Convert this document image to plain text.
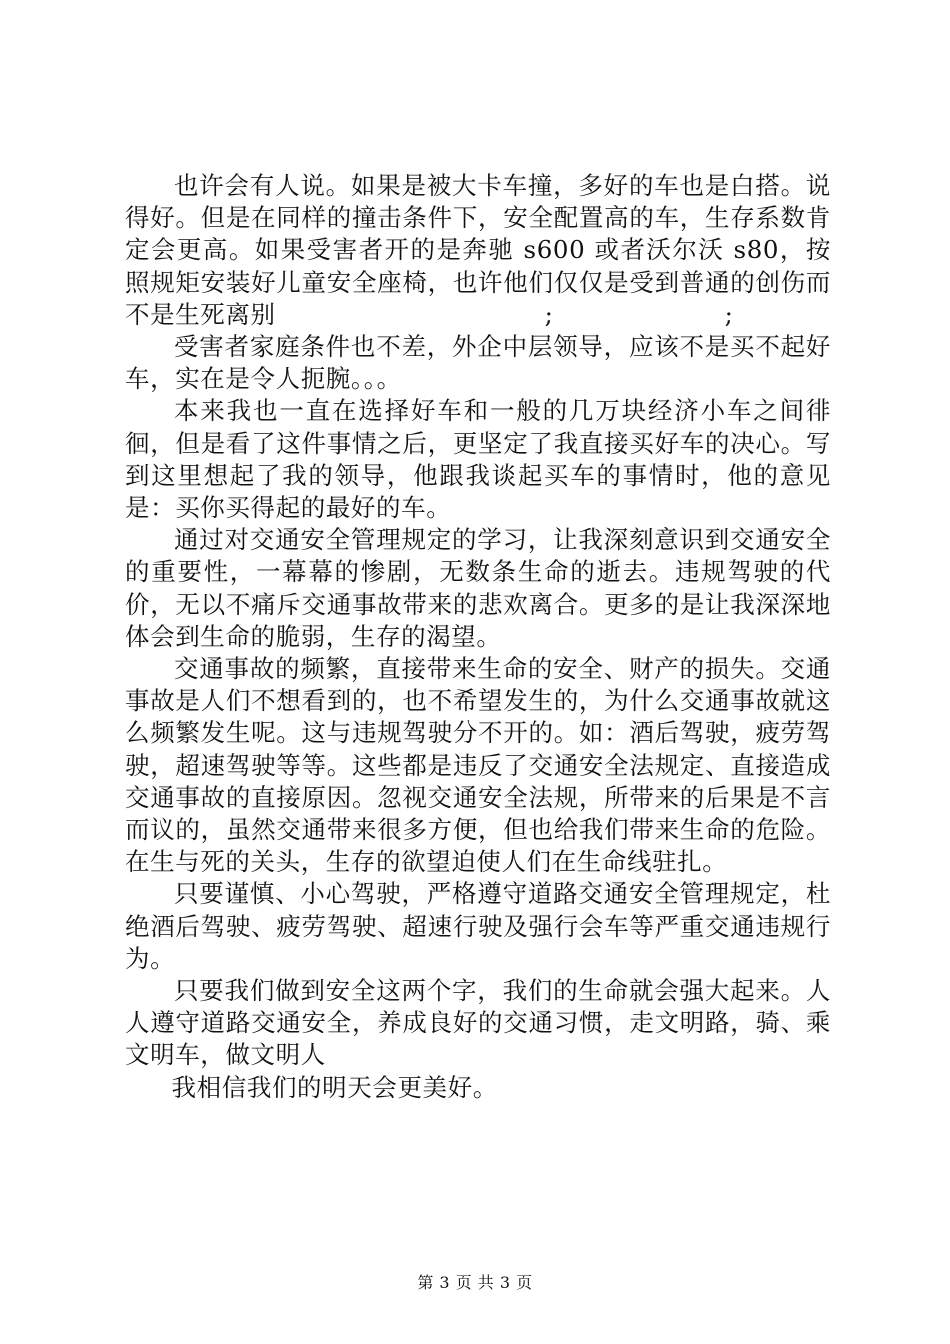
也许会有人说。如果是被大卡车撞，多好的车也是白搭。说得好。但是在同样的撞击条件下，安全配置高的车，生存系数肯定会更高。如果受害者开的是奔驰 s600 或者沃尔沃 s80，按照规矩安装好儿童安全座椅，也许他们仅仅是受到普通的创伤而不是生死离别	;	;

受害者家庭条件也不差，外企中层领导，应该不是买不起好车，实在是令人扼腕。。。

本来我也一直在选择好车和一般的几万块经济小车之间徘徊，但是看了这件事情之后，更坚定了我直接买好车的决心。写到这里想起了我的领导，他跟我谈起买车的事情时，他的意见是：买你买得起的最好的车。

通过对交通安全管理规定的学习，让我深刻意识到交通安全的重要性，一幕幕的惨剧，无数条生命的逝去。违规驾驶的代价，无以不痛斥交通事故带来的悲欢离合。更多的是让我深深地体会到生命的脆弱，生存的渴望。

交通事故的频繁，直接带来生命的安全、财产的损失。交通事故是人们不想看到的，也不希望发生的，为什么交通事故就这么频繁发生呢。这与违规驾驶分不开的。如：酒后驾驶，疲劳驾驶，超速驾驶等等。这些都是违反了交通安全法规定、直接造成交通事故的直接原因。忽视交通安全法规，所带来的后果是不言而议的，虽然交通带来很多方便，但也给我们带来生命的危险。在生与死的关头，生存的欲望迫使人们在生命线驻扎。

只要谨慎、小心驾驶，严格遵守道路交通安全管理规定，杜绝酒后驾驶、疲劳驾驶、超速行驶及强行会车等严重交通违规行为。

只要我们做到安全这两个字，我们的生命就会强大起来。人人遵守道路交通安全，养成良好的交通习惯，走文明路，骑、乘文明车，做文明人

我相信我们的明天会更美好。

第 3 页 共 3 页
